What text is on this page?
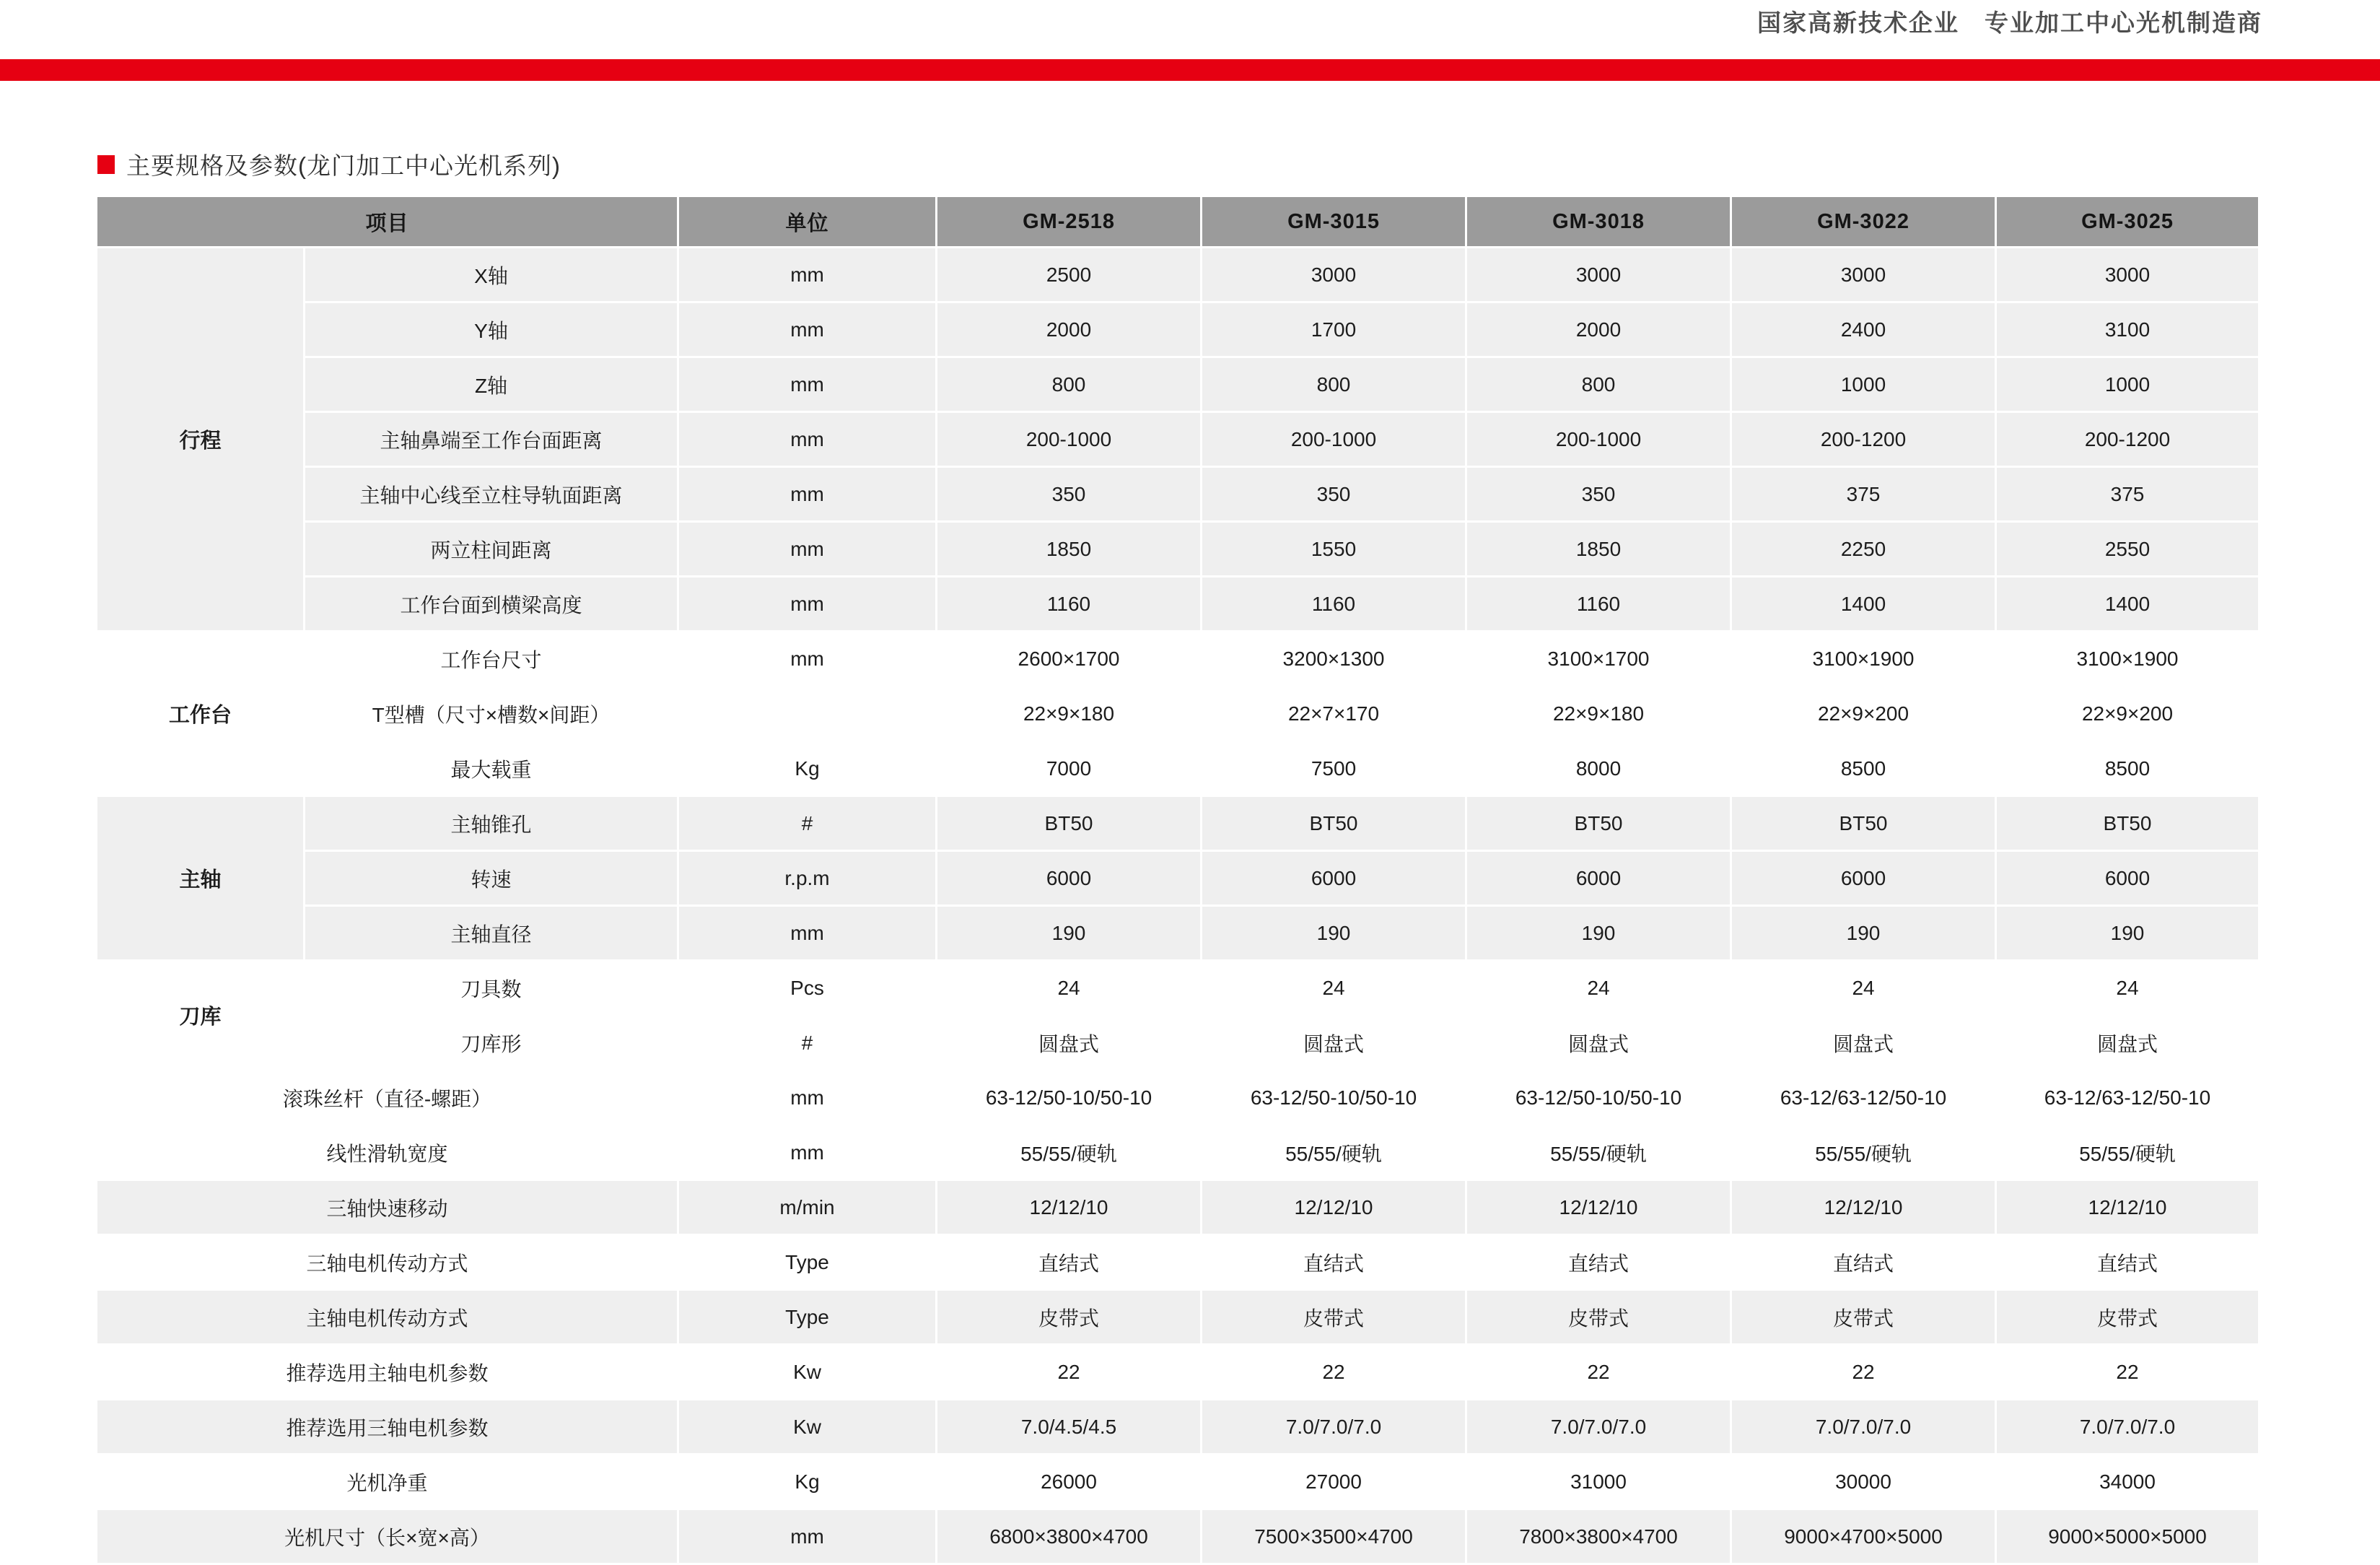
国家高新技术企业　专业加工中心光机制造商
主要规格及参数(龙门加工中心光机系列)
项目		单位	GM-2518	GM-3015	GM-3018	GM-3022	GM-3025
行程	X轴	mm	2500	3000	3000	3000	3000
	Y轴	mm	2000	1700	2000	2400	3100
	Z轴	mm	800	800	800	1000	1000
	主轴鼻端至工作台面距离	mm	200-1000	200-1000	200-1000	200-1200	200-1200
	主轴中心线至立柱导轨面距离	mm	350	350	350	375	375
	两立柱间距离	mm	1850	1550	1850	2250	2550
	工作台面到横梁高度	mm	1160	1160	1160	1400	1400
工作台	工作台尺寸	mm	2600×1700	3200×1300	3100×1700	3100×1900	3100×1900
	T型槽（尺寸×槽数×间距）		22×9×180	22×7×170	22×9×180	22×9×200	22×9×200
	最大载重	Kg	7000	7500	8000	8500	8500
主轴	主轴锥孔	#	BT50	BT50	BT50	BT50	BT50
	转速	r.p.m	6000	6000	6000	6000	6000
	主轴直径	mm	190	190	190	190	190
刀库	刀具数	Pcs	24	24	24	24	24
	刀库形	#	圆盘式	圆盘式	圆盘式	圆盘式	圆盘式
滚珠丝杆（直径-螺距）		mm	63-12/50-10/50-10	63-12/50-10/50-10	63-12/50-10/50-10	63-12/63-12/50-10	63-12/63-12/50-10
线性滑轨宽度		mm	55/55/硬轨	55/55/硬轨	55/55/硬轨	55/55/硬轨	55/55/硬轨
三轴快速移动		m/min	12/12/10	12/12/10	12/12/10	12/12/10	12/12/10
三轴电机传动方式		Type	直结式	直结式	直结式	直结式	直结式
主轴电机传动方式		Type	皮带式	皮带式	皮带式	皮带式	皮带式
推荐选用主轴电机参数		Kw	22	22	22	22	22
推荐选用三轴电机参数		Kw	7.0/4.5/4.5	7.0/7.0/7.0	7.0/7.0/7.0	7.0/7.0/7.0	7.0/7.0/7.0
光机净重		Kg	26000	27000	31000	30000	34000
光机尺寸（长×宽×高）		mm	6800×3800×4700	7500×3500×4700	7800×3800×4700	9000×4700×5000	9000×5000×5000
